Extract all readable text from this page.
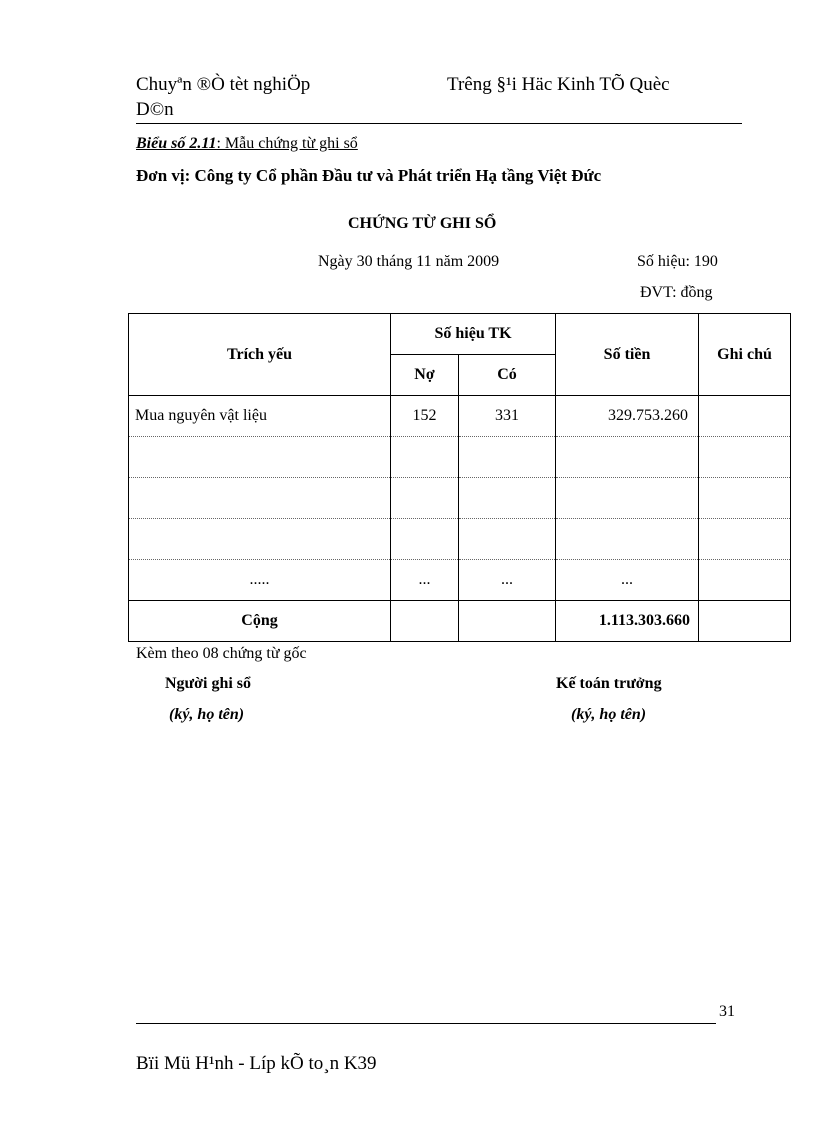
Chuyªn ®Ò tèt nghiÖp	Trêng §¹i Häc Kinh TÕ Quèc
D©n
Biểu số 2.11: Mẫu chứng từ ghi sổ
Đơn vị: Công ty Cổ phần Đầu tư và Phát triển Hạ tầng Việt Đức
CHỨNG TỪ GHI SỔ
Ngày 30 tháng 11 năm 2009	Số hiệu: 190
ĐVT: đồng
Trích yếu	Số hiệu TK		Số tiền	Ghi chú
	Nợ	Có		
Mua nguyên vật liệu	152	331	329.753.260	

.....	...	...	...	
Cộng			1.113.303.660	
Kèm theo 08 chứng từ gốc
Người ghi sổ
(ký, họ tên)
Kế toán trưởng
(ký, họ tên)
31
Bïi Mü H¹nh - Líp kÕ to¸n K39
